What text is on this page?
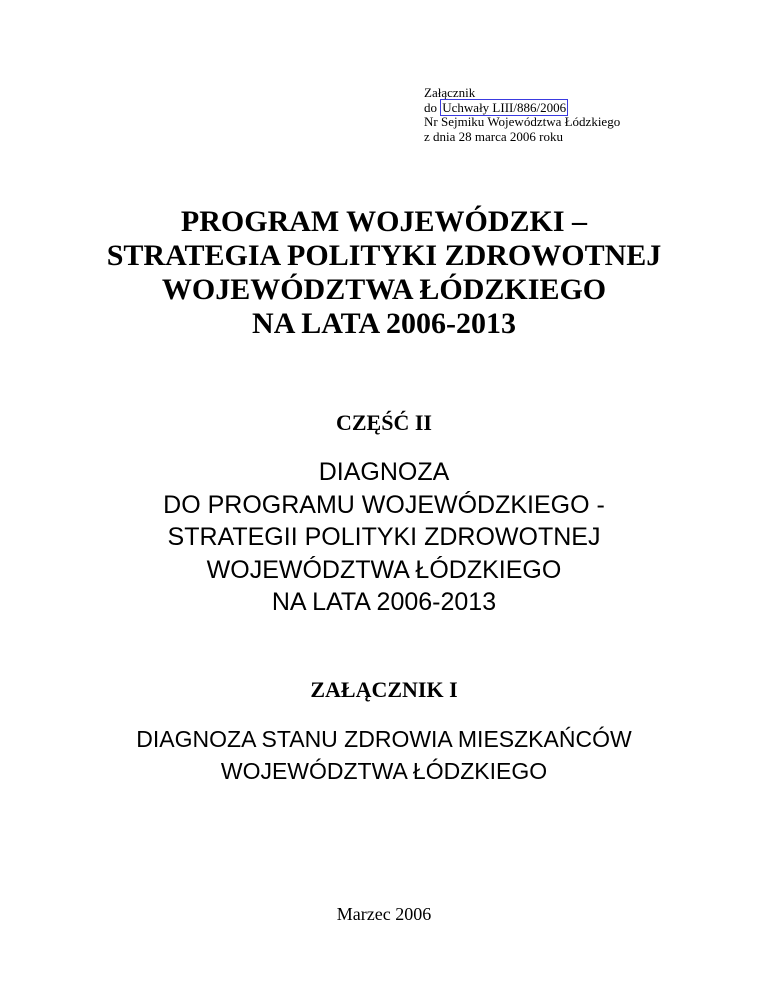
Załącznik
do Uchwały LIII/886/2006
Nr Sejmiku Województwa Łódzkiego
z dnia 28 marca 2006 roku
PROGRAM WOJEWÓDZKI –
STRATEGIA POLITYKI ZDROWOTNEJ
WOJEWÓDZTWA ŁÓDZKIEGO
NA LATA 2006-2013
CZĘŚĆ II
DIAGNOZA
DO PROGRAMU WOJEWÓDZKIEGO -
STRATEGII POLITYKI ZDROWOTNEJ
WOJEWÓDZTWA ŁÓDZKIEGO
NA LATA 2006-2013
ZAŁĄCZNIK I
DIAGNOZA STANU ZDROWIA MIESZKAŃCÓW
WOJEWÓDZTWA ŁÓDZKIEGO
Marzec 2006
